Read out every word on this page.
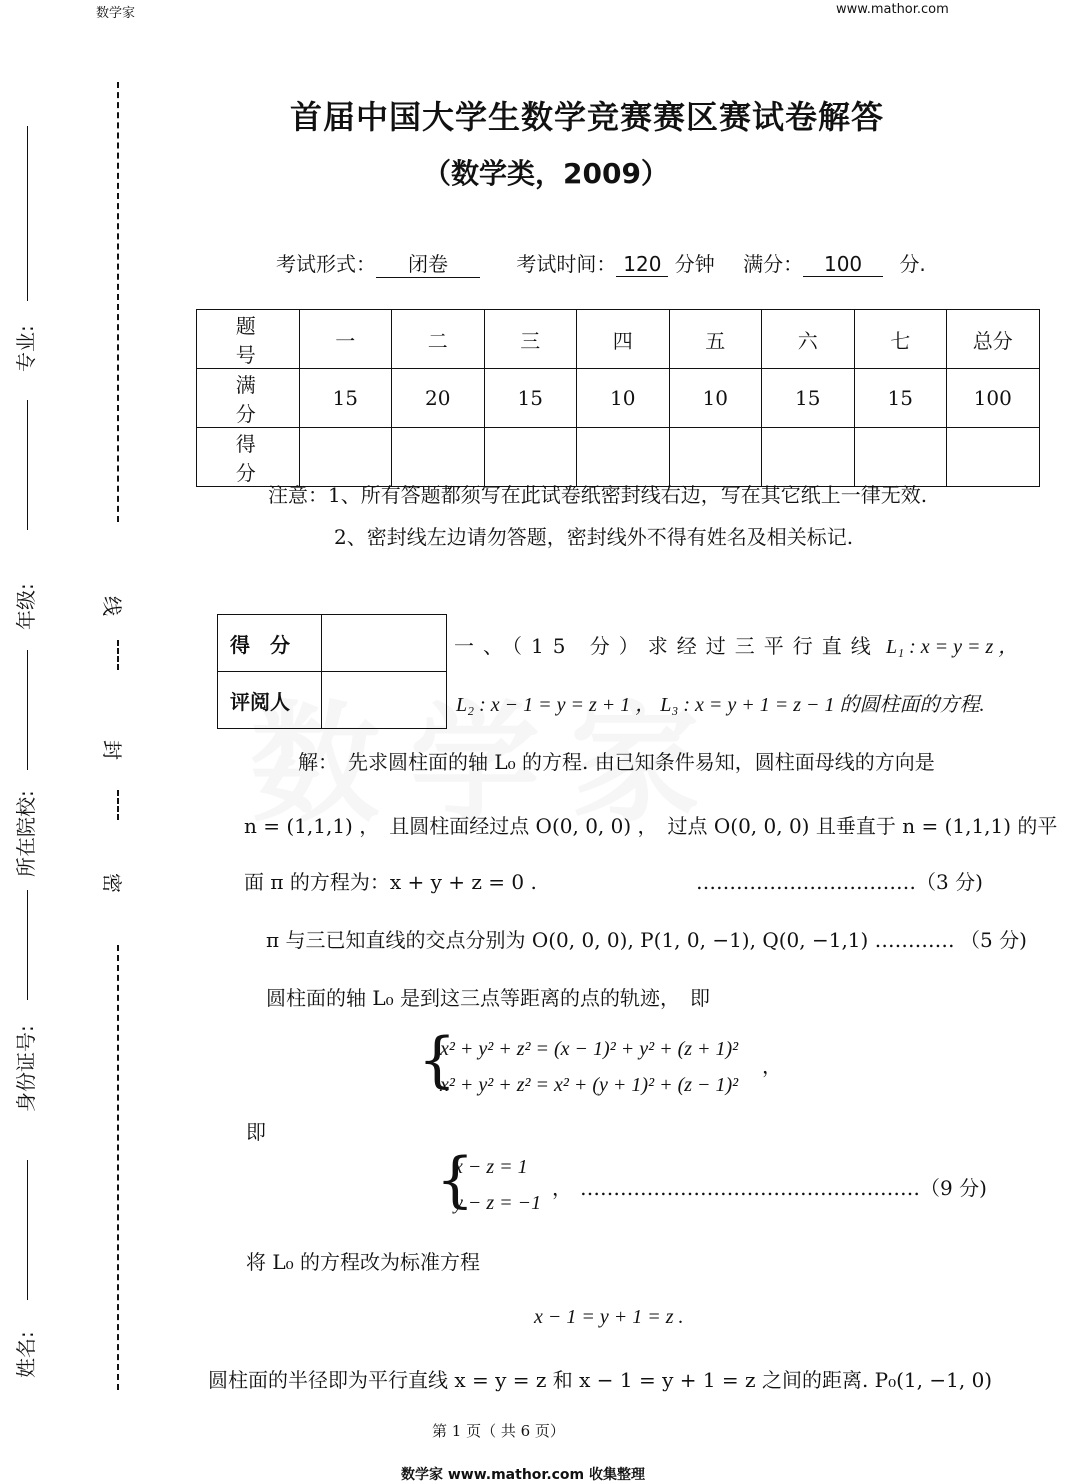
数学家	www.mathor.com
专业:
年级:
所在院校:
身份证号:
姓名:
线
封
密
首届中国大学生数学竞赛赛区赛试卷解答
（数学类，2009）
考试形式： 闭卷	考试时间： 120 分钟 满分： 100 分.
题　号	一	二	三	四	五	六	七	总分
满　分	15	20	15	10	10	15	15	100
得　分								
注意：1、所有答题都须写在此试卷纸密封线右边，写在其它纸上一律无效.
2、密封线左边请勿答题，密封线外不得有姓名及相关标记.
得　分	
评阅人	
一、（15 分）求经过三平行直线 L₁ : x = y = z ，
L₂ : x − 1 = y = z + 1 ， L₃ : x = y + 1 = z − 1 的圆柱面的方程.
解：　先求圆柱面的轴 L₀ 的方程. 由已知条件易知，圆柱面母线的方向是
n = (1,1,1) ，　且圆柱面经过点 O(0, 0, 0) ，　过点 O(0, 0, 0) 且垂直于 n = (1,1,1) 的平
面 π 的方程为：x + y + z = 0 .	……………………………（3 分)
π 与三已知直线的交点分别为 O(0, 0, 0), P(1, 0, −1), Q(0, −1,1) ………… （5 分)
圆柱面的轴 L₀ 是到这三点等距离的点的轨迹，　即
{
x² + y² + z² = (x − 1)² + y² + (z + 1)²
x² + y² + z² = x² + (y + 1)² + (z − 1)²
，
即
{
x − z = 1
y − z = −1
， ……………………………………………（9 分)
将 L₀ 的方程改为标准方程
x − 1 = y + 1 = z .
圆柱面的半径即为平行直线 x = y = z 和 x − 1 = y + 1 = z 之间的距离. P₀(1, −1, 0)
第 1 页（ 共 6 页）
数学家 www.mathor.com 收集整理
